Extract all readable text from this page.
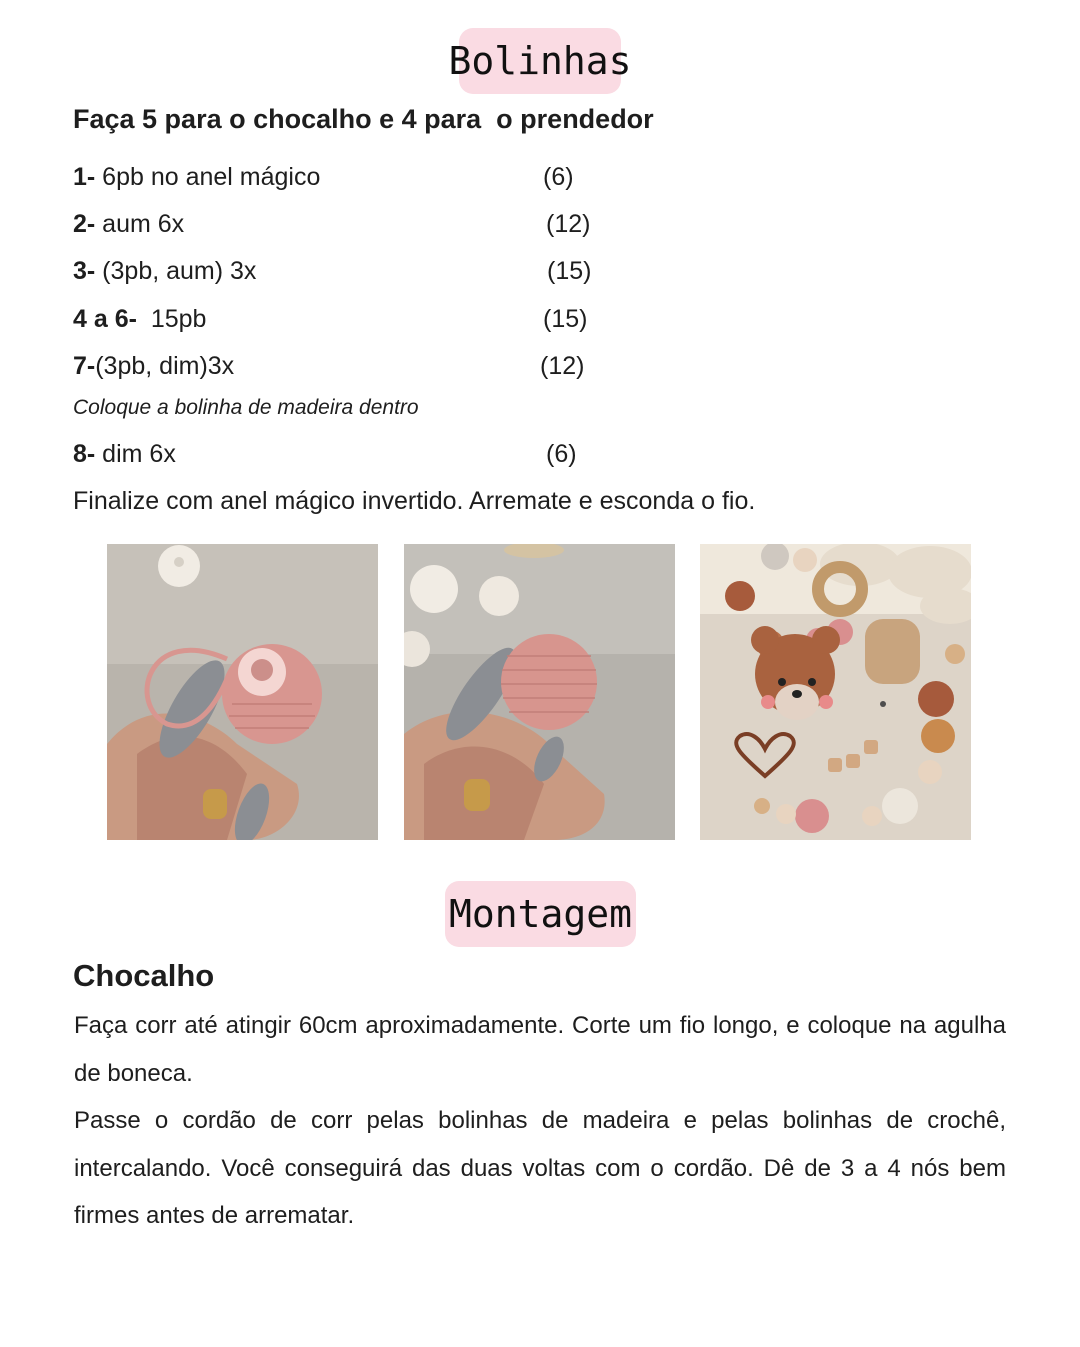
Bolinhas
Faça 5 para o chocalho e 4 para  o prendedor
1- 6pb no anel mágico	(6)
2- aum 6x	(12)
3- (3pb, aum) 3x	(15)
4 a 6-  15pb	(15)
7-(3pb, dim)3x	(12)
Coloque a bolinha de madeira dentro
8- dim 6x	(6)
Finalize com anel mágico invertido. Arremate e esconda o fio.
Montagem
Chocalho

Faça corr até atingir 60cm aproximadamente. Corte um fio longo, e coloque na agulha de boneca.

Passe o cordão de corr pelas bolinhas de madeira e pelas bolinhas de crochê, intercalando. Você conseguirá das duas voltas com o cordão. Dê de 3 a 4 nós bem firmes antes de arrematar.
